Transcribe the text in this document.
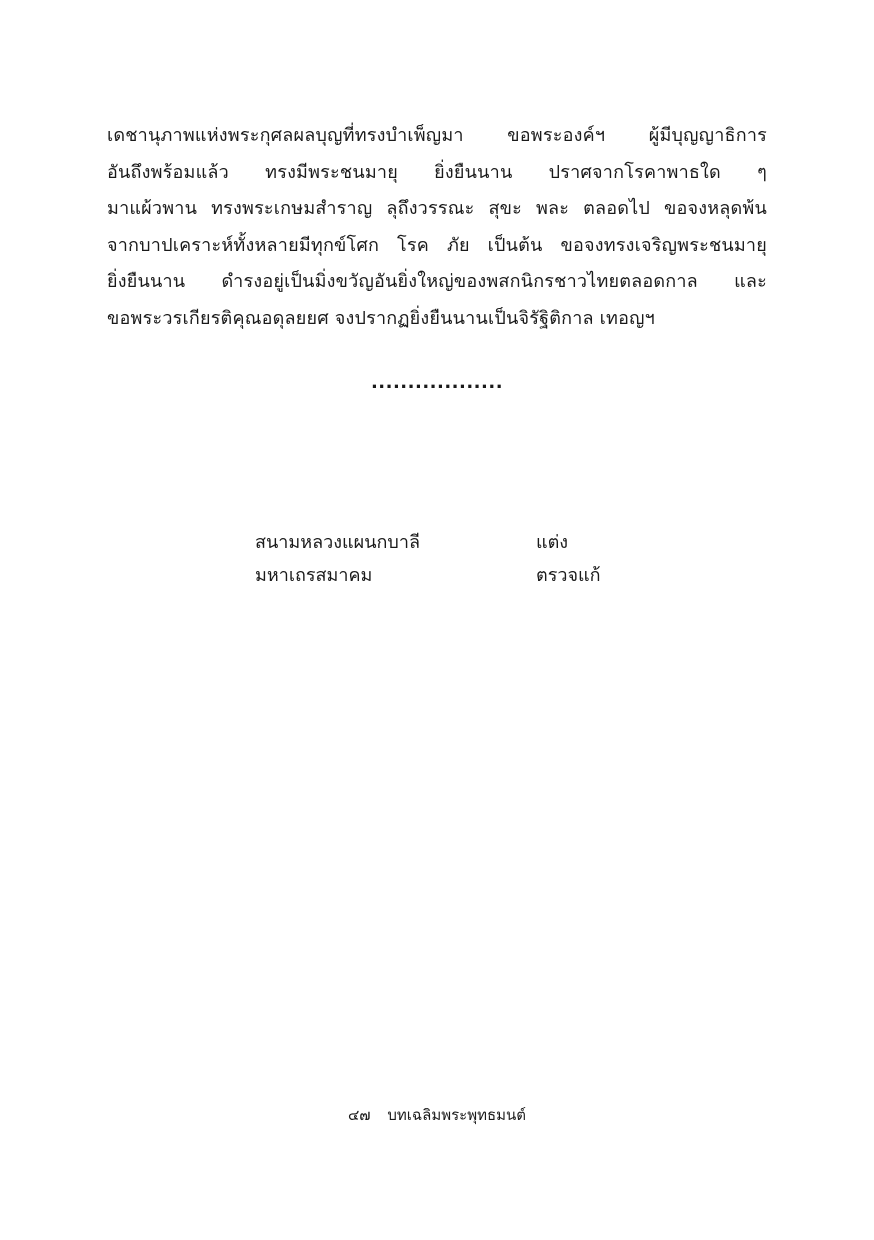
เดชานุภาพแห่งพระกุศลผลบุญที่ทรงบำเพ็ญมา ขอพระองค์ฯ ผู้มีบุญญาธิการ
อันถึงพร้อมแล้ว ทรงมีพระชนมายุ ยิ่งยืนนาน ปราศจากโรคาพาธใด ๆ
มาแผ้วพาน ทรงพระเกษมสำราญ ลุถึงวรรณะ สุขะ พละ ตลอดไป ขอจงหลุดพ้น
จากบาปเคราะห์ทั้งหลายมีทุกข์โศก โรค ภัย เป็นต้น ขอจงทรงเจริญพระชนมายุ
ยิ่งยืนนาน ดำรงอยู่เป็นมิ่งขวัญอันยิ่งใหญ่ของพสกนิกรชาวไทยตลอดกาล และ
ขอพระวรเกียรติคุณอดุลยยศ จงปรากฏยิ่งยืนนานเป็นจิรัฐิติกาล เทอญฯ
..................
สนามหลวงแผนกบาลี	แต่ง
มหาเถรสมาคม	ตรวจแก้
๔๗ บทเฉลิมพระพุทธมนต์
